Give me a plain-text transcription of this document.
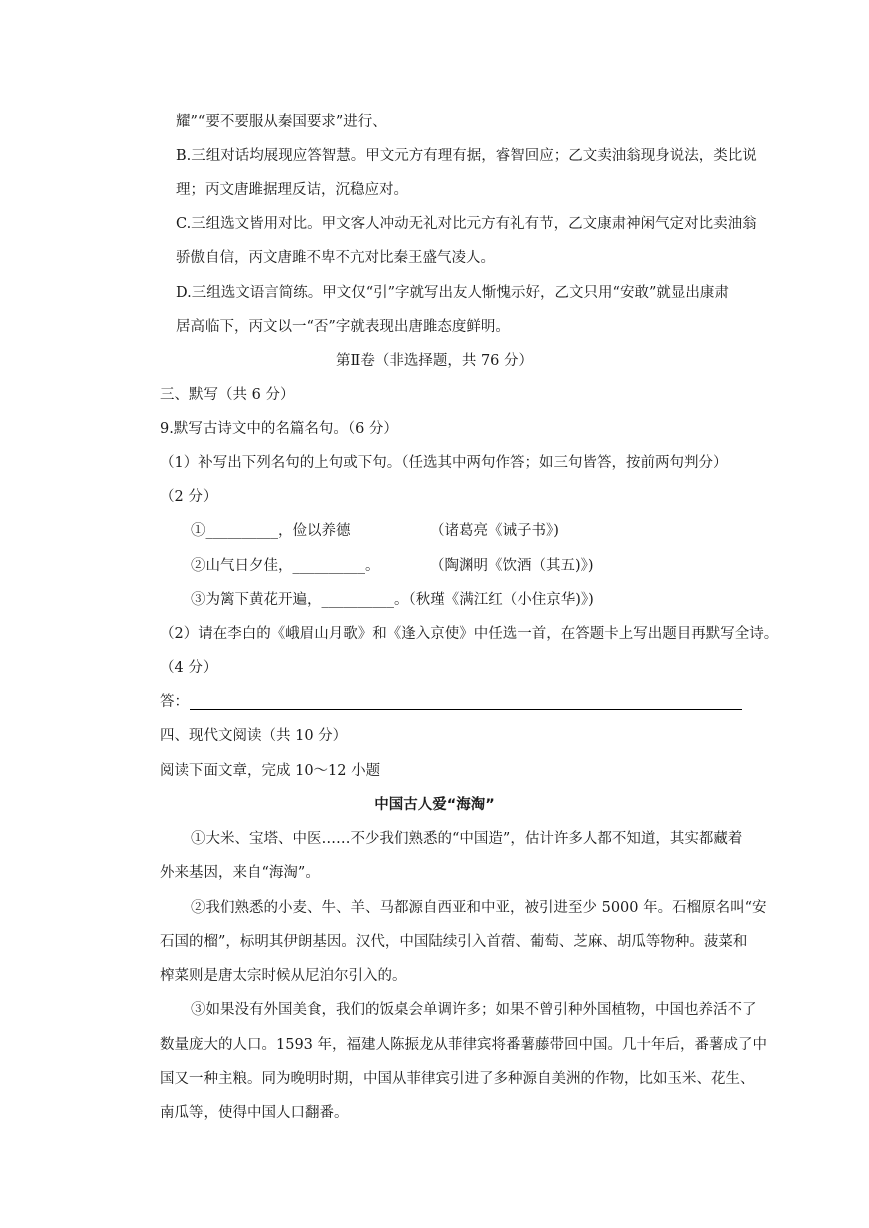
耀”“要不要服从秦国要求”进行、
B.三组对话均展现应答智慧。甲文元方有理有据，睿智回应；乙文卖油翁现身说法，类比说
理；丙文唐雎据理反诘，沉稳应对。
C.三组选文皆用对比。甲文客人冲动无礼对比元方有礼有节，乙文康肃神闲气定对比卖油翁
骄傲自信，丙文唐雎不卑不亢对比秦王盛气凌人。
D.三组选文语言简练。甲文仅“引”字就写出友人惭愧示好，乙文只用“安敢”就显出康肃
居高临下，丙文以一“否”字就表现出唐雎态度鲜明。
第Ⅱ卷（非选择题，共 76 分）
三、默写（共 6 分）
9.默写古诗文中的名篇名句。（6 分）
（1）补写出下列名句的上句或下句。（任选其中两句作答；如三句皆答，按前两句判分）
（2 分）
①__________，俭以养德	（诸葛亮《诫子书》)
②山气日夕佳，__________。	（陶渊明《饮酒（其五)》)
③为篱下黄花开遍，__________。（秋瑾《满江红（小住京华)》)
（2）请在李白的《峨眉山月歌》和《逢入京使》中任选一首，在答题卡上写出题目再默写全诗。
（4 分）
答：
四、现代文阅读（共 10 分）
阅读下面文章，完成 10～12 小题
中国古人爱“海淘”
①大米、宝塔、中医……不少我们熟悉的“中国造”，估计许多人都不知道，其实都藏着
外来基因，来自“海淘”。
②我们熟悉的小麦、牛、羊、马都源自西亚和中亚，被引进至少 5000 年。石榴原名叫“安
石国的榴”，标明其伊朗基因。汉代，中国陆续引入首蓿、葡萄、芝麻、胡瓜等物种。菠菜和
榨菜则是唐太宗时候从尼泊尔引入的。
③如果没有外国美食，我们的饭桌会单调许多；如果不曾引种外国植物，中国也养活不了
数量庞大的人口。1593 年，福建人陈振龙从菲律宾将番薯藤带回中国。几十年后，番薯成了中
国又一种主粮。同为晚明时期，中国从菲律宾引进了多种源自美洲的作物，比如玉米、花生、
南瓜等，使得中国人口翻番。
